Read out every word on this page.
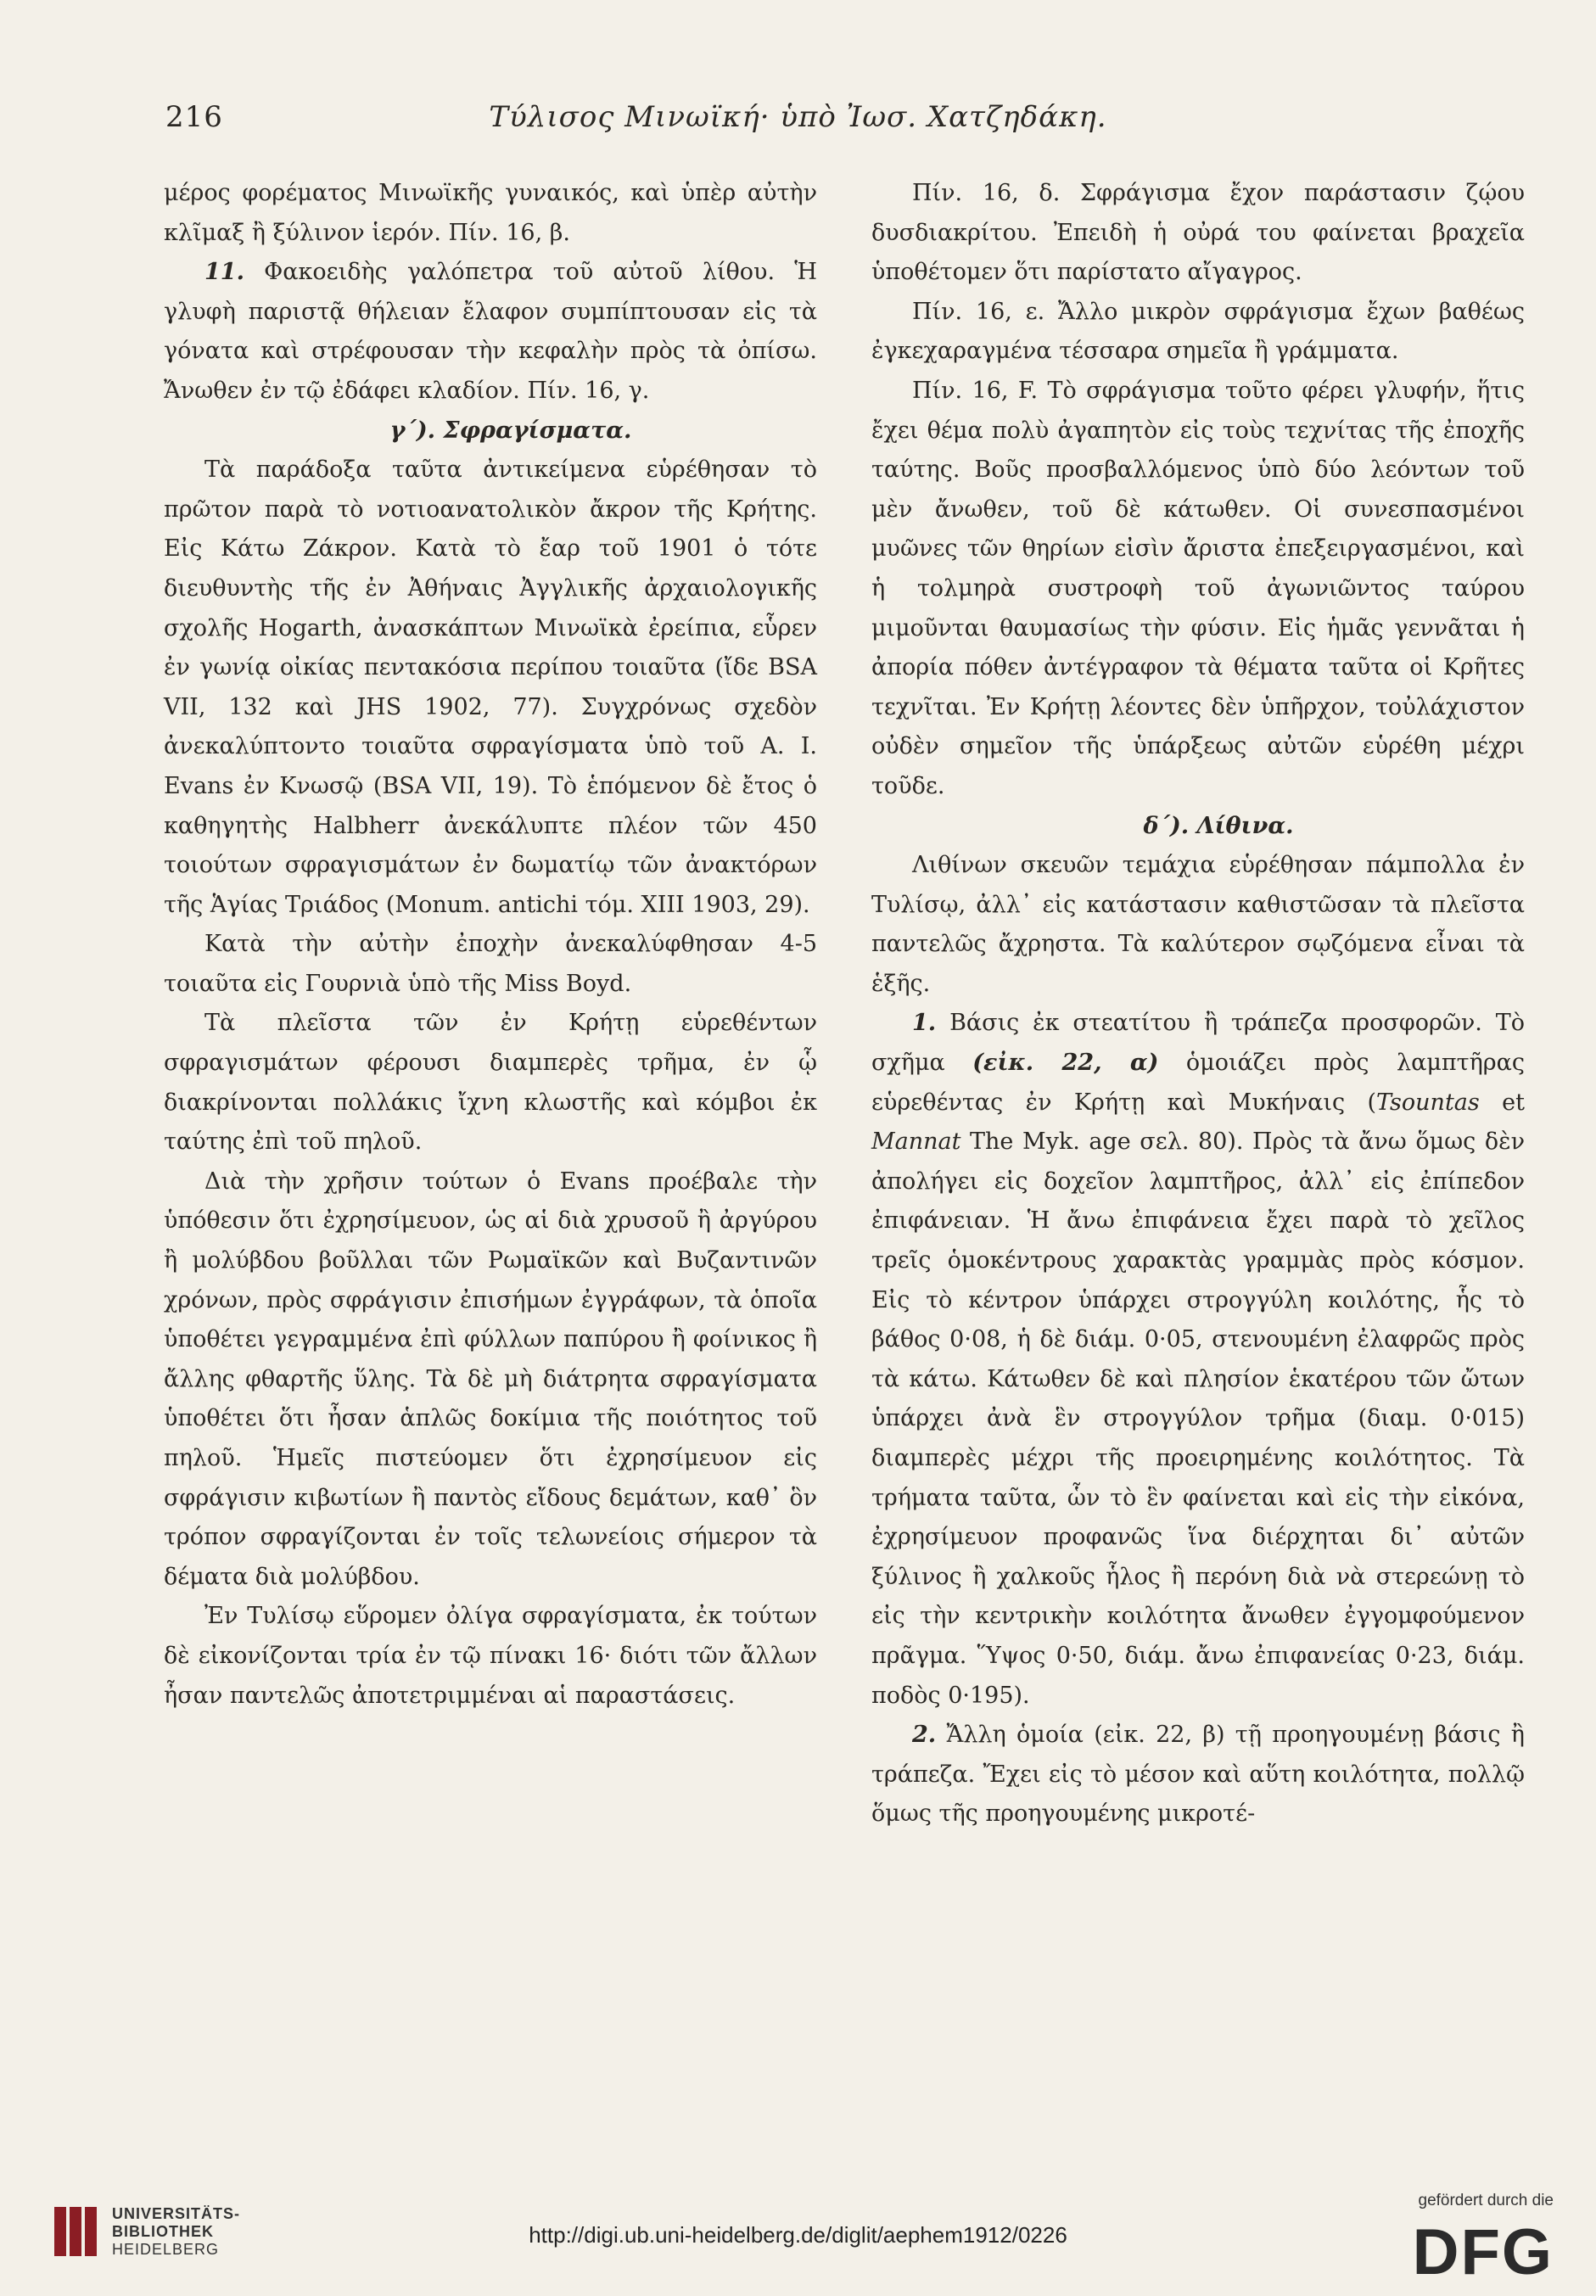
216	Τύλισος Μινωϊκή· ὑπὸ Ἰωσ. Χατζηδάκη.

μέρος φορέματος Μινωϊκῆς γυναικός, καὶ ὑπὲρ αὐτὴν κλῖμαξ ἢ ξύλινον ἱερόν. Πίν. 16, β.

11. Φακοειδὴς γαλόπετρα τοῦ αὐτοῦ λίθου. Ἡ γλυφὴ παριστᾷ θήλειαν ἔλαφον συμπίπτουσαν εἰς τὰ γόνατα καὶ στρέφουσαν τὴν κεφαλὴν πρὸς τὰ ὀπίσω. Ἄνωθεν ἐν τῷ ἐδάφει κλαδίον. Πίν. 16, γ.

γ΄). Σφραγίσματα.

Τὰ παράδοξα ταῦτα ἀντικείμενα εὑρέθησαν τὸ πρῶτον παρὰ τὸ νοτιοανατολικὸν ἄκρον τῆς Κρήτης. Εἰς Κάτω Ζάκρον. Κατὰ τὸ ἔαρ τοῦ 1901 ὁ τότε διευθυντὴς τῆς ἐν Ἀθήναις Ἀγγλικῆς ἀρχαιολογικῆς σχολῆς Hogarth, ἀνασκάπτων Μινωϊκὰ ἐρείπια, εὗρεν ἐν γωνίᾳ οἰκίας πεντακόσια περίπου τοιαῦτα (ἴδε BSA VII, 132 καὶ JHS 1902, 77). Συγχρόνως σχεδὸν ἀνεκαλύπτοντο τοιαῦτα σφραγίσματα ὑπὸ τοῦ A. I. Evans ἐν Κνωσῷ (BSA VII, 19). Τὸ ἑπόμενον δὲ ἔτος ὁ καθηγητὴς Halbherr ἀνεκάλυπτε πλέον τῶν 450 τοιούτων σφραγισμάτων ἐν δωματίῳ τῶν ἀνακτόρων τῆς Ἁγίας Τριάδος (Monum. antichi τόμ. XIII 1903, 29).

Κατὰ τὴν αὐτὴν ἐποχὴν ἀνεκαλύφθησαν 4-5 τοιαῦτα εἰς Γουρνιὰ ὑπὸ τῆς Miss Boyd.

Τὰ πλεῖστα τῶν ἐν Κρήτῃ εὑρεθέντων σφραγισμάτων φέρουσι διαμπερὲς τρῆμα, ἐν ᾧ διακρίνονται πολλάκις ἴχνη κλωστῆς καὶ κόμβοι ἐκ ταύτης ἐπὶ τοῦ πηλοῦ.

Διὰ τὴν χρῆσιν τούτων ὁ Evans προέβαλε τὴν ὑπόθεσιν ὅτι ἐχρησίμευον, ὡς αἱ διὰ χρυσοῦ ἢ ἀργύρου ἢ μολύβδου βοῦλλαι τῶν Ρωμαϊκῶν καὶ Βυζαντινῶν χρόνων, πρὸς σφράγισιν ἐπισήμων ἐγγράφων, τὰ ὁποῖα ὑποθέτει γεγραμμένα ἐπὶ φύλλων παπύρου ἢ φοίνικος ἢ ἄλλης φθαρτῆς ὕλης. Τὰ δὲ μὴ διάτρητα σφραγίσματα ὑποθέτει ὅτι ἦσαν ἁπλῶς δοκίμια τῆς ποιότητος τοῦ πηλοῦ. Ἡμεῖς πιστεύομεν ὅτι ἐχρησίμευον εἰς σφράγισιν κιβωτίων ἢ παντὸς εἴδους δεμάτων, καθ᾽ ὃν τρόπον σφραγίζονται ἐν τοῖς τελωνείοις σήμερον τὰ δέματα διὰ μολύβδου.

Ἐν Τυλίσῳ εὕρομεν ὀλίγα σφραγίσματα, ἐκ τούτων δὲ εἰκονίζονται τρία ἐν τῷ πίνακι 16· διότι τῶν ἄλλων ἦσαν παντελῶς ἀποτετριμμέναι αἱ παραστάσεις.

Πίν. 16, δ. Σφράγισμα ἔχον παράστασιν ζῴου δυσδιακρίτου. Ἐπειδὴ ἡ οὐρά του φαίνεται βραχεῖα ὑποθέτομεν ὅτι παρίστατο αἴγαγρος.

Πίν. 16, ε. Ἄλλο μικρὸν σφράγισμα ἔχων βαθέως ἐγκεχαραγμένα τέσσαρα σημεῖα ἢ γράμματα.

Πίν. 16, F. Τὸ σφράγισμα τοῦτο φέρει γλυφήν, ἥτις ἔχει θέμα πολὺ ἀγαπητὸν εἰς τοὺς τεχνίτας τῆς ἐποχῆς ταύτης. Βοῦς προσβαλλόμενος ὑπὸ δύο λεόντων τοῦ μὲν ἄνωθεν, τοῦ δὲ κάτωθεν. Οἱ συνεσπασμένοι μυῶνες τῶν θηρίων εἰσὶν ἄριστα ἐπεξειργασμένοι, καὶ ἡ τολμηρὰ συστροφὴ τοῦ ἀγωνιῶντος ταύρου μιμοῦνται θαυμασίως τὴν φύσιν. Εἰς ἡμᾶς γεννᾶται ἡ ἀπορία πόθεν ἀντέγραφον τὰ θέματα ταῦτα οἱ Κρῆτες τεχνῖται. Ἐν Κρήτῃ λέοντες δὲν ὑπῆρχον, τοὐλάχιστον οὐδὲν σημεῖον τῆς ὑπάρξεως αὐτῶν εὑρέθη μέχρι τοῦδε.

δ΄). Λίθινα.

Λιθίνων σκευῶν τεμάχια εὑρέθησαν πάμπολλα ἐν Τυλίσῳ, ἀλλ᾽ εἰς κατάστασιν καθιστῶσαν τὰ πλεῖστα παντελῶς ἄχρηστα. Τὰ καλύτερον σῳζόμενα εἶναι τὰ ἑξῆς.

1. Βάσις ἐκ στεατίτου ἢ τράπεζα προσφορῶν. Τὸ σχῆμα (εἰκ. 22, α) ὁμοιάζει πρὸς λαμπτῆρας εὑρεθέντας ἐν Κρήτῃ καὶ Μυκήναις (Tsountas et Mannat The Myk. age σελ. 80). Πρὸς τὰ ἄνω ὅμως δὲν ἀπολήγει εἰς δοχεῖον λαμπτῆρος, ἀλλ᾽ εἰς ἐπίπεδον ἐπιφάνειαν. Ἡ ἄνω ἐπιφάνεια ἔχει παρὰ τὸ χεῖλος τρεῖς ὁμοκέντρους χαρακτὰς γραμμὰς πρὸς κόσμον. Εἰς τὸ κέντρον ὑπάρχει στρογγύλη κοιλότης, ἧς τὸ βάθος 0·08, ἡ δὲ διάμ. 0·05, στενουμένη ἐλαφρῶς πρὸς τὰ κάτω. Κάτωθεν δὲ καὶ πλησίον ἑκατέρου τῶν ὤτων ὑπάρχει ἀνὰ ἓν στρογγύλον τρῆμα (διαμ. 0·015) διαμπερὲς μέχρι τῆς προειρημένης κοιλότητος. Τὰ τρήματα ταῦτα, ὧν τὸ ἓν φαίνεται καὶ εἰς τὴν εἰκόνα, ἐχρησίμευον προφανῶς ἵνα διέρχηται δι᾽ αὐτῶν ξύλινος ἢ χαλκοῦς ἧλος ἢ περόνη διὰ νὰ στερεώνῃ τὸ εἰς τὴν κεντρικὴν κοιλότητα ἄνωθεν ἐγγομφούμενον πρᾶγμα. Ὕψος 0·50, διάμ. ἄνω ἐπιφανείας 0·23, διάμ. ποδὸς 0·195).

2. Ἄλλη ὁμοία (εἰκ. 22, β) τῇ προηγουμένῃ βάσις ἢ τράπεζα. Ἔχει εἰς τὸ μέσον καὶ αὕτη κοιλότητα, πολλῷ ὅμως τῆς προηγουμένης μικροτέ-

UNIVERSITÄTS-
BIBLIOTHEK
HEIDELBERG
http://digi.ub.uni-heidelberg.de/diglit/aephem1912/0226
gefördert durch die
DFG
